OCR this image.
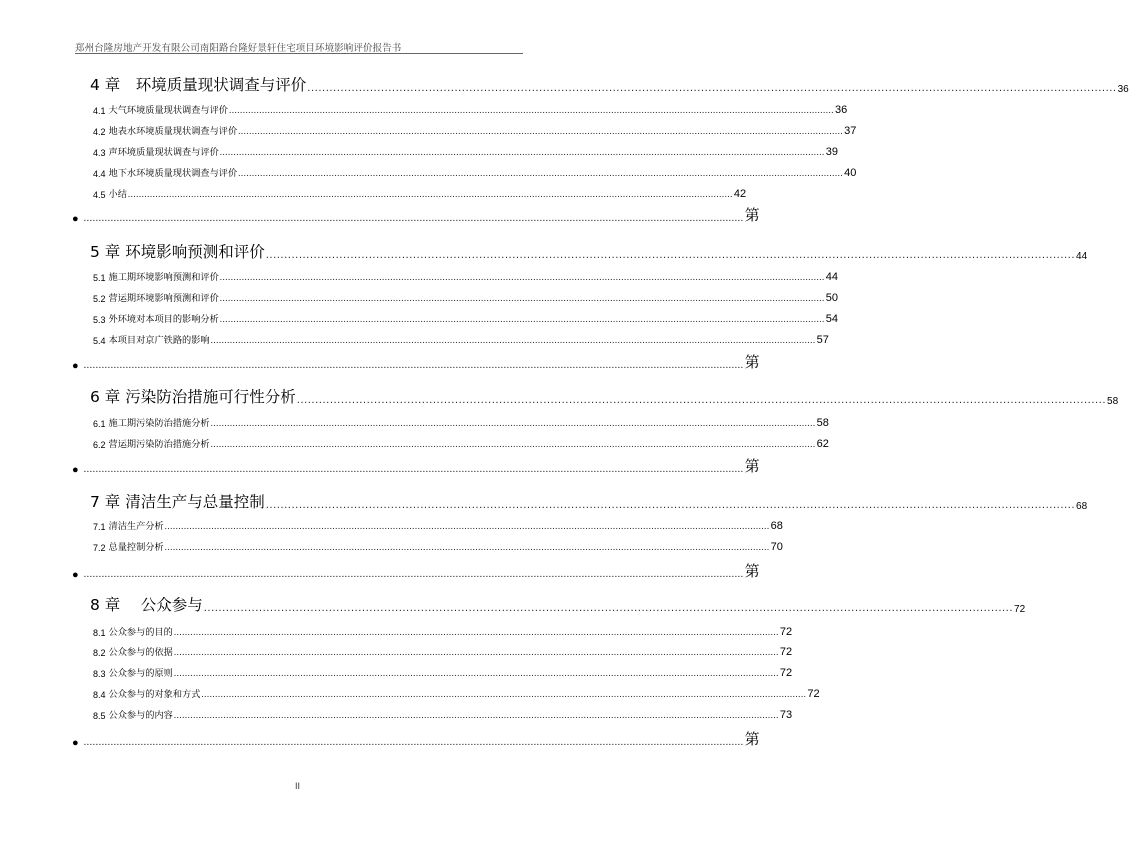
郑州台隆房地产开发有限公司南阳路台隆好景轩住宅项目环境影响评价报告书
4 章　环境质量现状调查与评价 ............................................................................................................................................................................................................................ 36
4.1 大气环境质量现状调查与评价 ............................................................................................................................................................................................................................ 36
4.2 地表水环境质量现状调查与评价 ............................................................................................................................................................................................................................ 37
4.3 声环境质量现状调查与评价 ............................................................................................................................................................................................................................ 39
4.4 地下水环境质量现状调查与评价 ............................................................................................................................................................................................................................ 40
4.5 小结 ............................................................................................................................................................................................................................ 42
● ............................................................................................................................................................................................................................ 第
5 章 环境影响预测和评价 ............................................................................................................................................................................................................................ 44
5.1 施工期环境影响预测和评价 ............................................................................................................................................................................................................................ 44
5.2 营运期环境影响预测和评价 ............................................................................................................................................................................................................................ 50
5.3 外环境对本项目的影响分析 ............................................................................................................................................................................................................................ 54
5.4 本项目对京广铁路的影响 ............................................................................................................................................................................................................................ 57
● ............................................................................................................................................................................................................................ 第
6 章 污染防治措施可行性分析 ............................................................................................................................................................................................................................ 58
6.1 施工期污染防治措施分析 ............................................................................................................................................................................................................................ 58
6.2 营运期污染防治措施分析 ............................................................................................................................................................................................................................ 62
● ............................................................................................................................................................................................................................ 第
7 章 清洁生产与总量控制 ............................................................................................................................................................................................................................ 68
7.1 清洁生产分析 ............................................................................................................................................................................................................................ 68
7.2 总量控制分析 ............................................................................................................................................................................................................................ 70
● ............................................................................................................................................................................................................................ 第
8 章　 公众参与 ............................................................................................................................................................................................................................ 72
8.1 公众参与的目的 ............................................................................................................................................................................................................................ 72
8.2 公众参与的依据 ............................................................................................................................................................................................................................ 72
8.3 公众参与的原则 ............................................................................................................................................................................................................................ 72
8.4 公众参与的对象和方式 ............................................................................................................................................................................................................................ 72
8.5 公众参与的内容 ............................................................................................................................................................................................................................ 73
● ............................................................................................................................................................................................................................ 第
II
